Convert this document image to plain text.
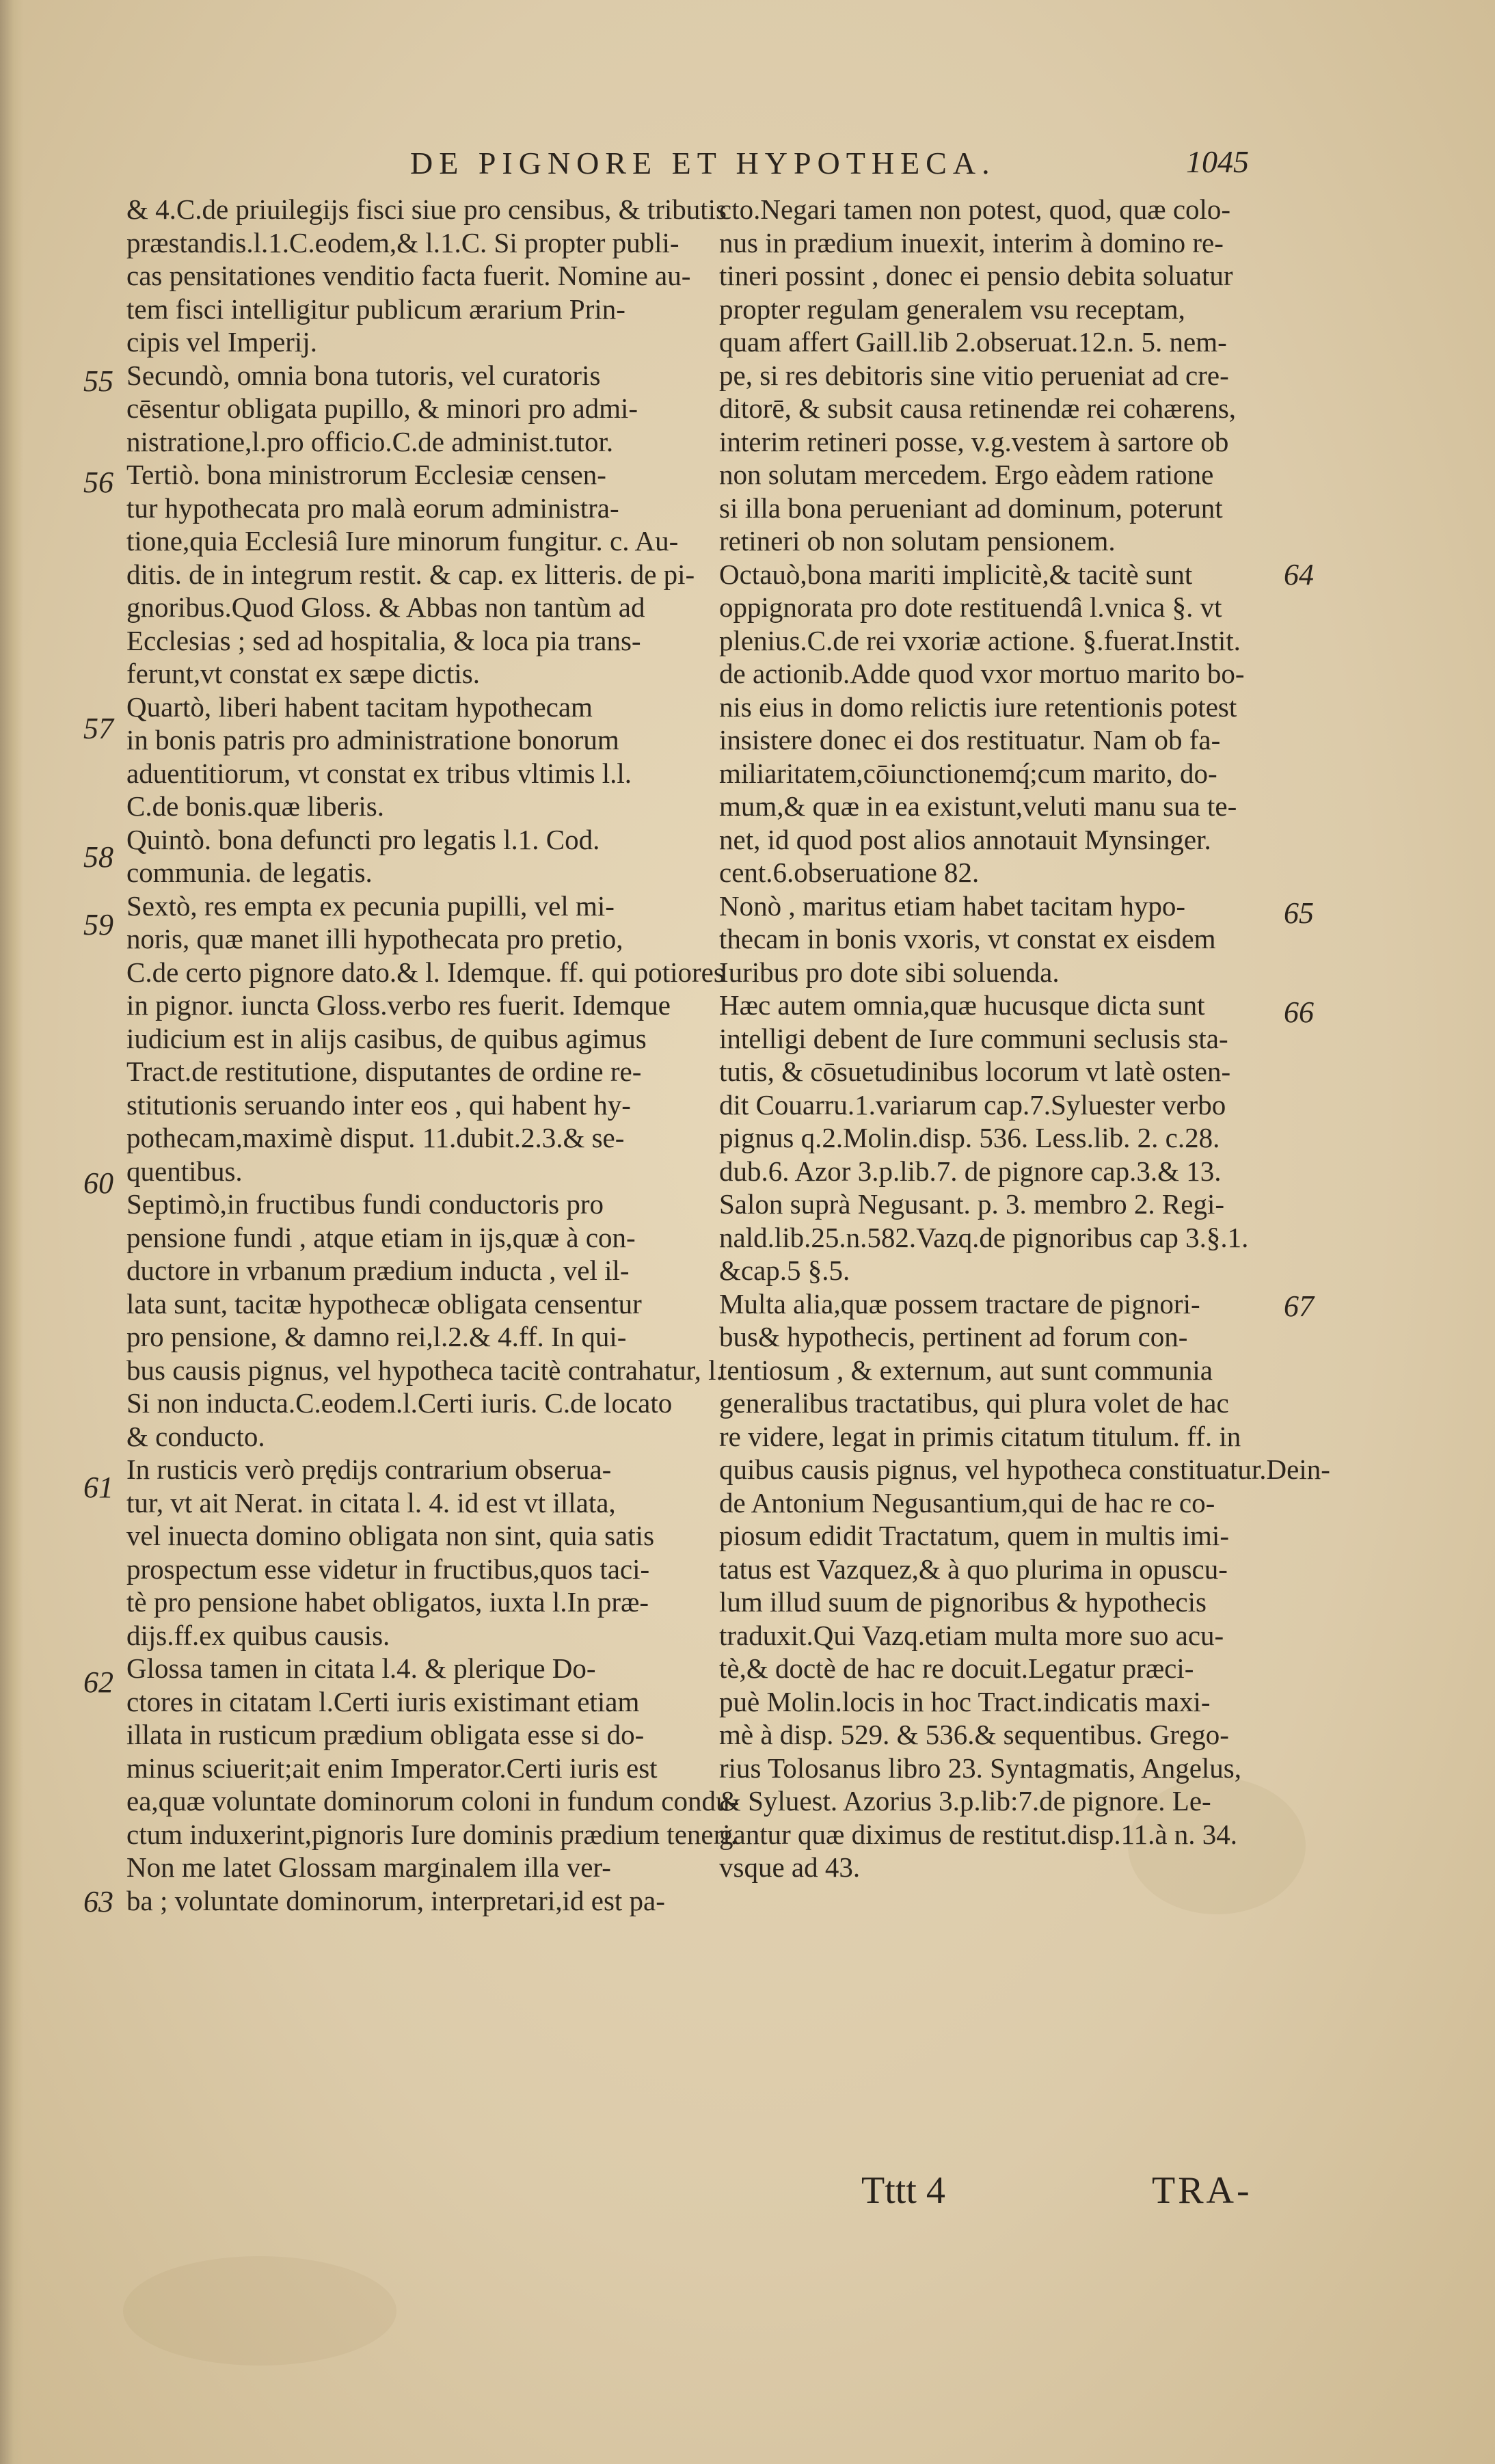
DE PIGNORE ET HYPOTHECA.	1045
& 4.C.de priuilegijs fisci siue pro censibus, & tributis
præstandis.l.1.C.eodem,& l.1.C. Si propter publi-
cas pensitationes venditio facta fuerit. Nomine au-
tem fisci intelligitur publicum ærarium Prin-
cipis vel Imperij.
Secundò, omnia bona tutoris, vel curatoris
cēsentur obligata pupillo, & minori pro admi-
nistratione,l.pro officio.C.de administ.tutor.
Tertiò. bona ministrorum Ecclesiæ censen-
tur hypothecata pro malà eorum administra-
tione,quia Ecclesiâ Iure minorum fungitur. c. Au-
ditis. de in integrum restit. & cap. ex litteris. de pi-
gnoribus.Quod Gloss. & Abbas non tantùm ad
Ecclesias ; sed ad hospitalia, & loca pia trans-
ferunt,vt constat ex sæpe dictis.
Quartò, liberi habent tacitam hypothecam
in bonis patris pro administratione bonorum
aduentitiorum, vt constat ex tribus vltimis l.l.
C.de bonis.quæ liberis.
Quintò. bona defuncti pro legatis l.1. Cod.
communia. de legatis.
Sextò, res empta ex pecunia pupilli, vel mi-
noris, quæ manet illi hypothecata pro pretio,
C.de certo pignore dato.& l. Idemque. ff. qui potiores
in pignor. iuncta Gloss.verbo res fuerit. Idemque
iudicium est in alijs casibus, de quibus agimus
Tract.de restitutione, disputantes de ordine re-
stitutionis seruando inter eos , qui habent hy-
pothecam,maximè disput. 11.dubit.2.3.& se-
quentibus.
Septimò,in fructibus fundi conductoris pro
pensione fundi , atque etiam in ijs,quæ à con-
ductore in vrbanum prædium inducta , vel il-
lata sunt, tacitæ hypothecæ obligata censentur
pro pensione, & damno rei,l.2.& 4.ff. In qui-
bus causis pignus, vel hypotheca tacitè contrahatur, l.
Si non inducta.C.eodem.l.Certi iuris. C.de locato
& conducto.
In rusticis verò prędijs contrarium obserua-
tur, vt ait Nerat. in citata l. 4. id est vt illata,
vel inuecta domino obligata non sint, quia satis
prospectum esse videtur in fructibus,quos taci-
tè pro pensione habet obligatos, iuxta l.In præ-
dijs.ff.ex quibus causis.
Glossa tamen in citata l.4. & plerique Do-
ctores in citatam l.Certi iuris existimant etiam
illata in rusticum prædium obligata esse si do-
minus sciuerit;ait enim Imperator.Certi iuris est
ea,quæ voluntate dominorum coloni in fundum condu-
ctum induxerint,pignoris Iure dominis prædium teneri.
Non me latet Glossam marginalem illa ver-
ba ; voluntate dominorum, interpretari,id est pa-
cto.Negari tamen non potest, quod, quæ colo-
nus in prædium inuexit, interim à domino re-
tineri possint , donec ei pensio debita soluatur
propter regulam generalem vsu receptam,
quam affert Gaill.lib 2.obseruat.12.n. 5. nem-
pe, si res debitoris sine vitio perueniat ad cre-
ditorē, & subsit causa retinendæ rei cohærens,
interim retineri posse, v.g.vestem à sartore ob
non solutam mercedem. Ergo eàdem ratione
si illa bona perueniant ad dominum, poterunt
retineri ob non solutam pensionem.
Octauò,bona mariti implicitè,& tacitè sunt
oppignorata pro dote restituendâ l.vnica §. vt
plenius.C.de rei vxoriæ actione. §.fuerat.Instit.
de actionib.Adde quod vxor mortuo marito bo-
nis eius in domo relictis iure retentionis potest
insistere donec ei dos restituatur. Nam ob fa-
miliaritatem,cōiunctionemq́;cum marito, do-
mum,& quæ in ea existunt,veluti manu sua te-
net, id quod post alios annotauit Mynsinger.
cent.6.obseruatione 82.
Nonò , maritus etiam habet tacitam hypo-
thecam in bonis vxoris, vt constat ex eisdem
Iuribus pro dote sibi soluenda.
Hæc autem omnia,quæ hucusque dicta sunt
intelligi debent de Iure communi seclusis sta-
tutis, & cōsuetudinibus locorum vt latè osten-
dit Couarru.1.variarum cap.7.Syluester verbo
pignus q.2.Molin.disp. 536. Less.lib. 2. c.28.
dub.6. Azor 3.p.lib.7. de pignore cap.3.& 13.
Salon suprà Negusant. p. 3. membro 2. Regi-
nald.lib.25.n.582.Vazq.de pignoribus cap 3.§.1.
&cap.5 §.5.
Multa alia,quæ possem tractare de pignori-
bus& hypothecis, pertinent ad forum con-
tentiosum , & externum, aut sunt communia
generalibus tractatibus, qui plura volet de hac
re videre, legat in primis citatum titulum. ff. in
quibus causis pignus, vel hypotheca constituatur.Dein-
de Antonium Negusantium,qui de hac re co-
piosum edidit Tractatum, quem in multis imi-
tatus est Vazquez,& à quo plurima in opuscu-
lum illud suum de pignoribus & hypothecis
traduxit.Qui Vazq.etiam multa more suo acu-
tè,& doctè de hac re docuit.Legatur præci-
puè Molin.locis in hoc Tract.indicatis maxi-
mè à disp. 529. & 536.& sequentibus. Grego-
rius Tolosanus libro 23. Syntagmatis, Angelus,
& Syluest. Azorius 3.p.lib:7.de pignore. Le-
gantur quæ diximus de restitut.disp.11.à n. 34.
vsque ad 43.
55
56
57
58
59
60
61
62
63
64
65
66
67
Tttt 4	TRA-
